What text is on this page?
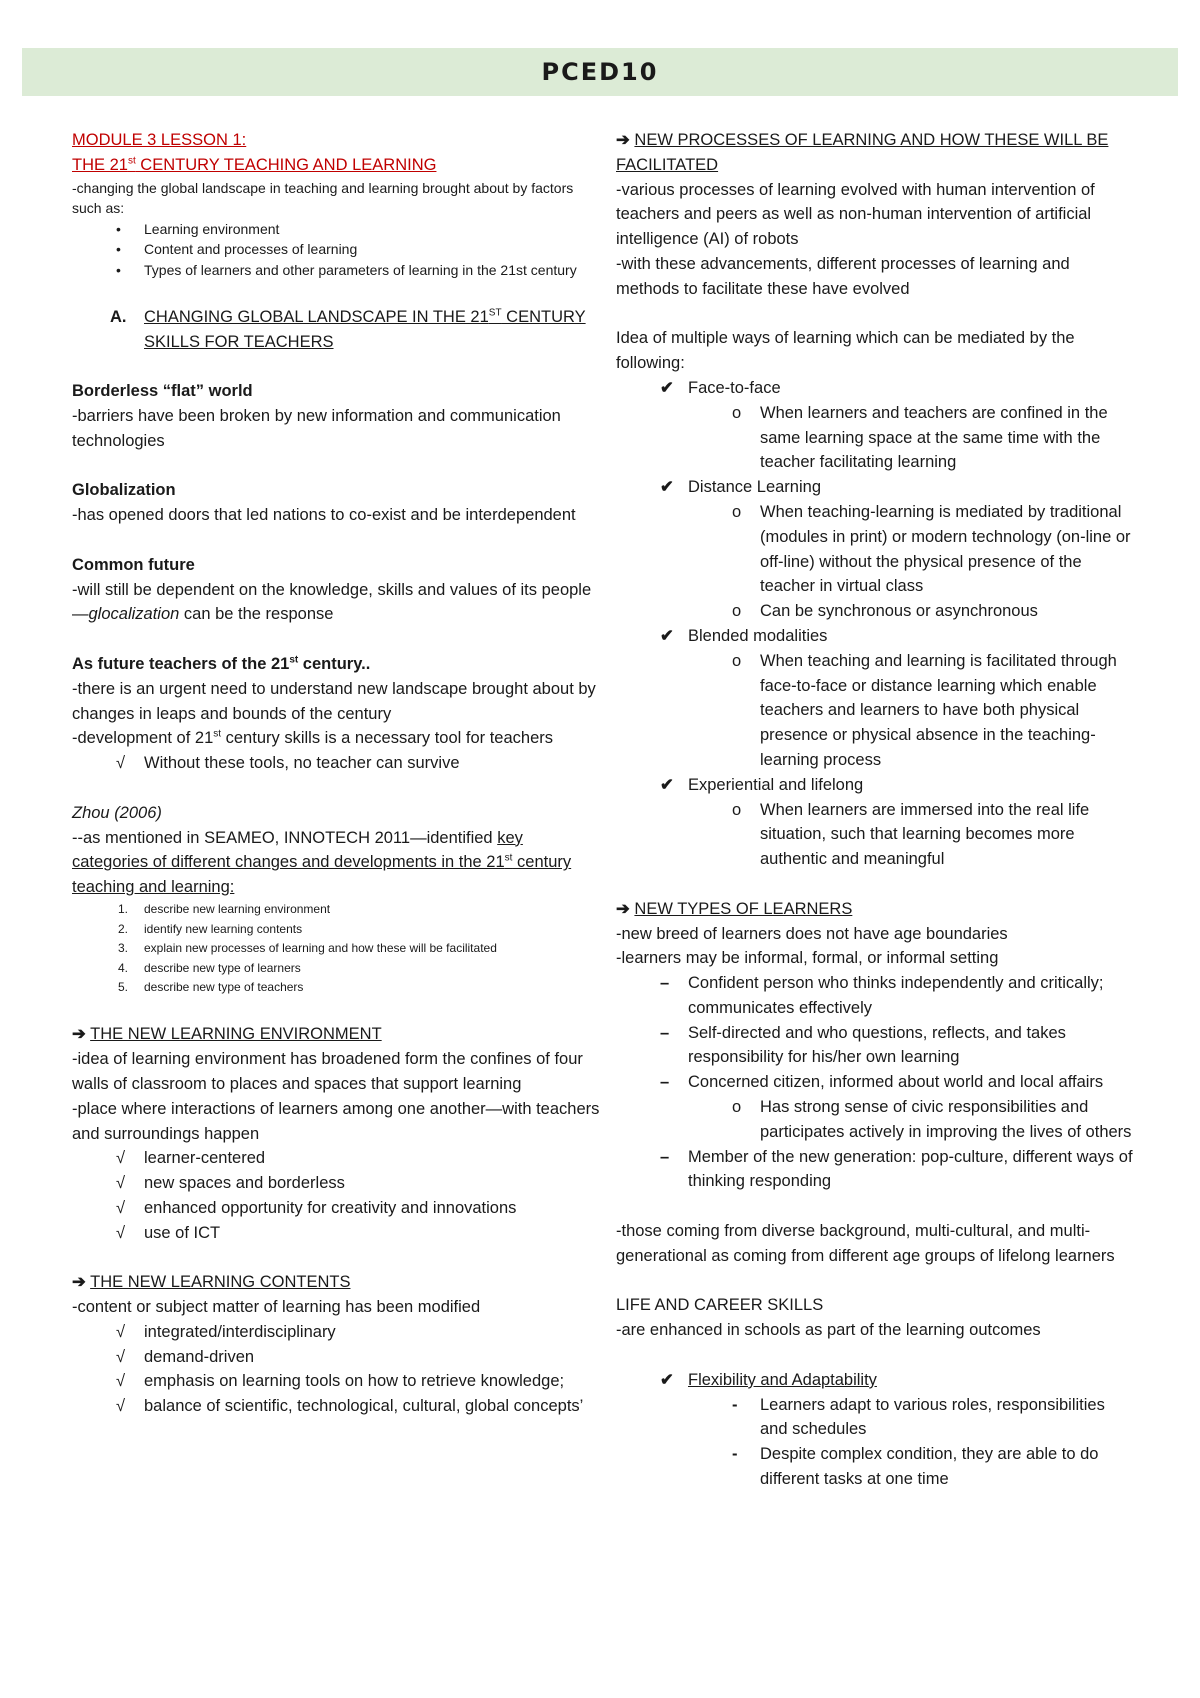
PCED10

MODULE 3 LESSON 1:

THE 21st CENTURY TEACHING AND LEARNING

-changing the global landscape in teaching and learning brought about by factors such as:

• Learning environment
• Content and processes of learning
• Types of learners and other parameters of learning in the 21st century

A. CHANGING GLOBAL LANDSCAPE IN THE 21ST CENTURY SKILLS FOR TEACHERS

Borderless “flat” world

-barriers have been broken by new information and communication technologies

Globalization

-has opened doors that led nations to co-exist and be interdependent

Common future

-will still be dependent on the knowledge, skills and values of its people—glocalization can be the response

As future teachers of the 21st century..

-there is an urgent need to understand new landscape brought about by changes in leaps and bounds of the century

-development of 21st century skills is a necessary tool for teachers

√ Without these tools, no teacher can survive

Zhou (2006)

--as mentioned in SEAMEO, INNOTECH 2011—identified key categories of different changes and developments in the 21st century teaching and learning:

1. describe new learning environment
2. identify new learning contents
3. explain new processes of learning and how these will be facilitated
4. describe new type of learners
5. describe new type of teachers

➔ THE NEW LEARNING ENVIRONMENT

-idea of learning environment has broadened form the confines of four walls of classroom to places and spaces that support learning

-place where interactions of learners among one another—with teachers and surroundings happen

√ learner-centered
√ new spaces and borderless
√ enhanced opportunity for creativity and innovations
√ use of ICT

➔ THE NEW LEARNING CONTENTS

-content or subject matter of learning has been modified

√ integrated/interdisciplinary
√ demand-driven
√ emphasis on learning tools on how to retrieve knowledge;
√ balance of scientific, technological, cultural, global concepts’

➔ NEW PROCESSES OF LEARNING AND HOW THESE WILL BE FACILITATED

-various processes of learning evolved with human intervention of teachers and peers as well as non-human intervention of artificial intelligence (AI) of robots

-with these advancements, different processes of learning and methods to facilitate these have evolved

Idea of multiple ways of learning which can be mediated by the following:

✔ Face-to-face
o When learners and teachers are confined in the same learning space at the same time with the teacher facilitating learning
✔ Distance Learning
o When teaching-learning is mediated by traditional (modules in print) or modern technology (on-line or off-line) without the physical presence of the teacher in virtual class
o Can be synchronous or asynchronous
✔ Blended modalities
o When teaching and learning is facilitated through face-to-face or distance learning which enable teachers and learners to have both physical presence or physical absence in the teaching-learning process
✔ Experiential and lifelong
o When learners are immersed into the real life situation, such that learning becomes more authentic and meaningful

➔ NEW TYPES OF LEARNERS

-new breed of learners does not have age boundaries

-learners may be informal, formal, or informal setting

– Confident person who thinks independently and critically; communicates effectively
– Self-directed and who questions, reflects, and takes responsibility for his/her own learning
– Concerned citizen, informed about world and local affairs
o Has strong sense of civic responsibilities and participates actively in improving the lives of others
– Member of the new generation: pop-culture, different ways of thinking responding

-those coming from diverse background, multi-cultural, and multi-generational as coming from different age groups of lifelong learners

LIFE AND CAREER SKILLS

-are enhanced in schools as part of the learning outcomes

✔ Flexibility and Adaptability
- Learners adapt to various roles, responsibilities and schedules
- Despite complex condition, they are able to do different tasks at one time
